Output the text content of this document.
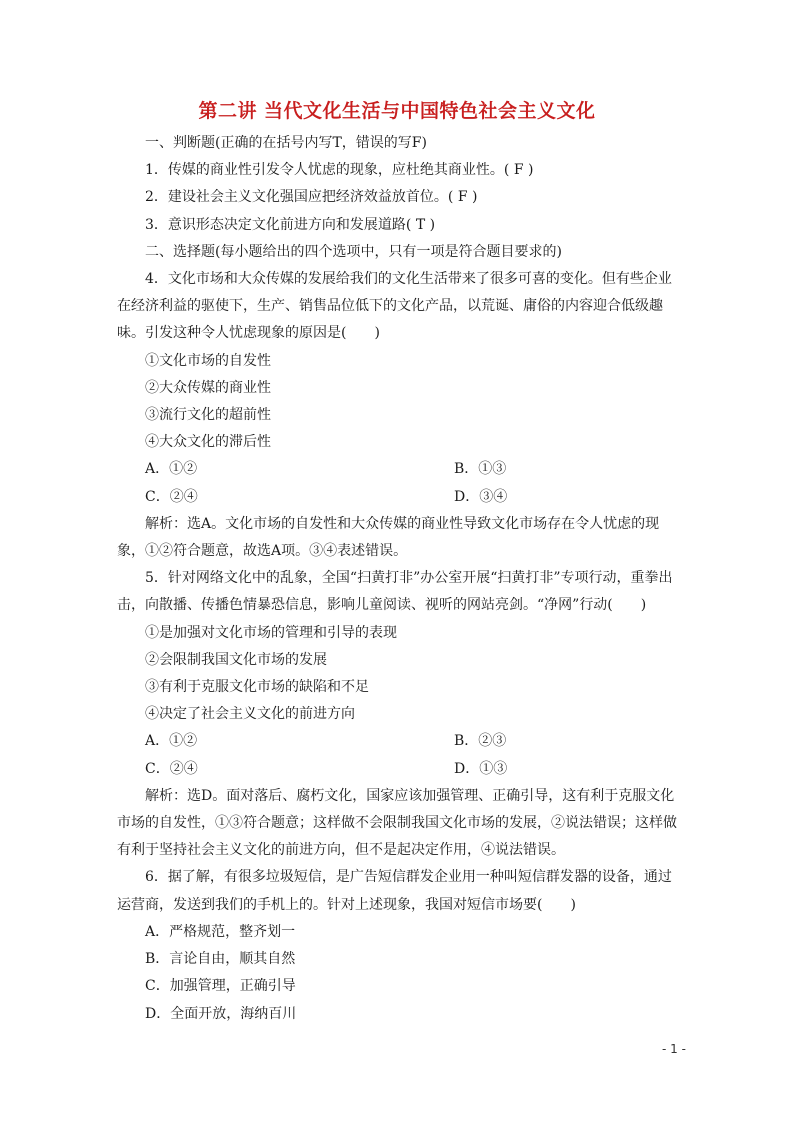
第二讲 当代文化生活与中国特色社会主义文化

一、判断题(正确的在括号内写T，错误的写F)

1．传媒的商业性引发令人忧虑的现象，应杜绝其商业性。( F )

2．建设社会主义文化强国应把经济效益放首位。( F )

3．意识形态决定文化前进方向和发展道路( T )

二、选择题(每小题给出的四个选项中，只有一项是符合题目要求的)

4．文化市场和大众传媒的发展给我们的文化生活带来了很多可喜的变化。但有些企业在经济利益的驱使下，生产、销售品位低下的文化产品，以荒诞、庸俗的内容迎合低级趣味。引发这种令人忧虑现象的原因是(　　)

①文化市场的自发性

②大众传媒的商业性

③流行文化的超前性

④大众文化的滞后性

A．①②	B．①③
C．②④	D．③④

解析：选A。文化市场的自发性和大众传媒的商业性导致文化市场存在令人忧虑的现象，①②符合题意，故选A项。③④表述错误。

5．针对网络文化中的乱象，全国“扫黄打非”办公室开展“扫黄打非”专项行动，重拳出击，向散播、传播色情暴恐信息，影响儿童阅读、视听的网站亮剑。“净网”行动(　　)

①是加强对文化市场的管理和引导的表现

②会限制我国文化市场的发展

③有利于克服文化市场的缺陷和不足

④决定了社会主义文化的前进方向

A．①②	B．②③
C．②④	D．①③

解析：选D。面对落后、腐朽文化，国家应该加强管理、正确引导，这有利于克服文化市场的自发性，①③符合题意；这样做不会限制我国文化市场的发展，②说法错误；这样做有利于坚持社会主义文化的前进方向，但不是起决定作用，④说法错误。

6．据了解，有很多垃圾短信，是广告短信群发企业用一种叫短信群发器的设备，通过运营商，发送到我们的手机上的。针对上述现象，我国对短信市场要(　　)

A．严格规范，整齐划一

B．言论自由，顺其自然

C．加强管理，正确引导

D．全面开放，海纳百川

- 1 -
